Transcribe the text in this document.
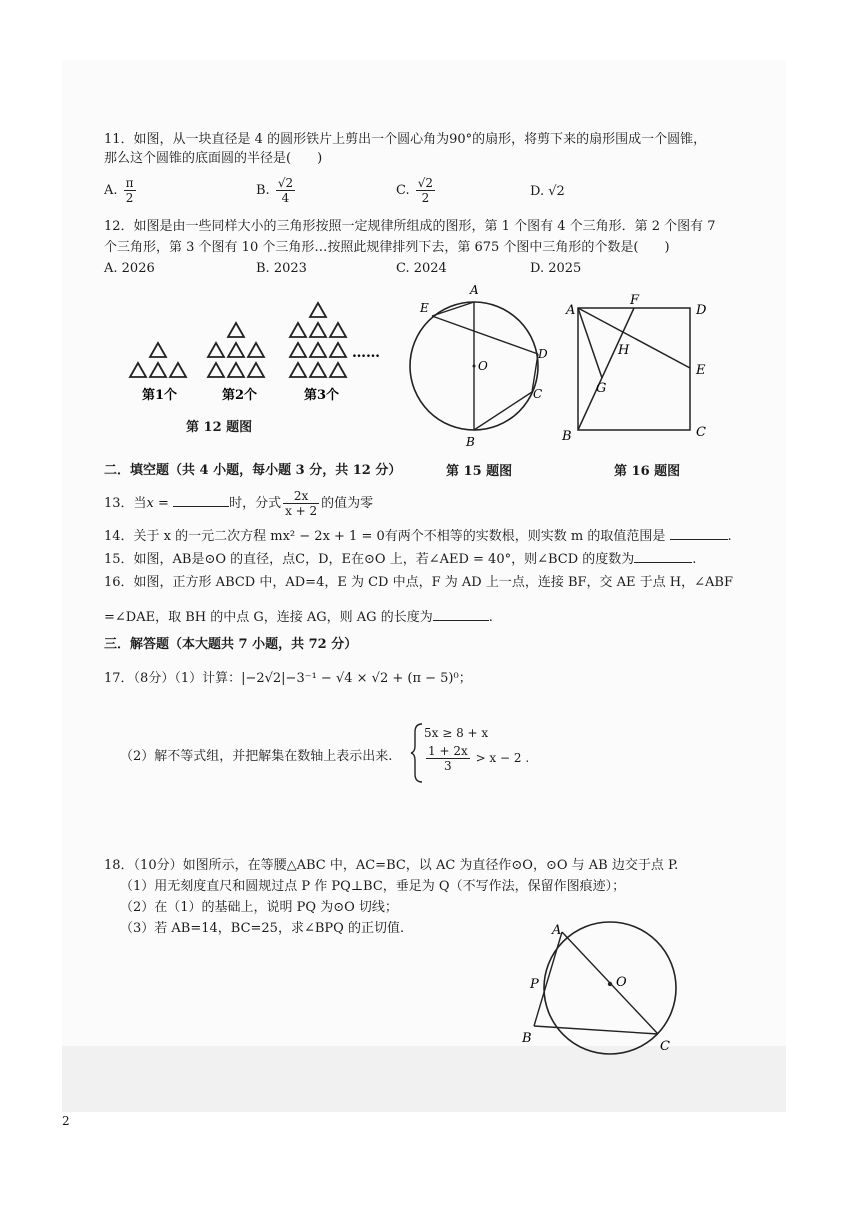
11．如图，从一块直径是 4 的圆形铁片上剪出一个圆心角为90°的扇形，将剪下来的扇形围成一个圆锥，
那么这个圆锥的底面圆的半径是(　　)
A. $\frac{\pi}{2}$	B. $\frac{√2}{4}$	C. $\frac{√2}{2}$	D. √2
12．如图是由一些同样大小的三角形按照一定规律所组成的图形，第 1 个图有 4 个三角形．第 2 个图有 7
个三角形，第 3 个图有 10 个三角形…按照此规律排列下去，第 675 个图中三角形的个数是(　　)
A. 2026	B. 2023	C. 2024	D. 2025
……
第1个	第2个	第3个
第 12 题图
A
E
D
C
O
B
第 15 题图
A
F
D
H
G
E
B	C
第 16 题图
二．填空题（共 4 小题，每小题 3 分，共 12 分）
13．当x =	时，分式 $\frac{2x}{x + 2}$ 的值为零
14．关于 x 的一元二次方程 mx² − 2x + 1 = 0有两个不相等的实数根，则实数 m 的取值范围是	.
15．如图，AB是⊙O 的直径，点C，D，E在⊙O 上，若∠AED = 40°，则∠BCD 的度数为	.
16．如图，正方形 ABCD 中，AD=4，E 为 CD 中点，F 为 AD 上一点，连接 BF，交 AE 于点 H，∠ABF
=∠DAE，取 BH 的中点 G，连接 AG，则 AG 的长度为	.
三．解答题（本大题共 7 小题，共 72 分）
17．（8分）（1）计算：|−2√2|−3⁻¹ − √4 × √2 + (π − 5)⁰；
（2）解不等式组，并把解集在数轴上表示出来.
5x ≥ 8 + x
$\frac{1 + 2x}{3} > x - 2$ .
18．（10分）如图所示，在等腰△ABC 中，AC=BC，以 AC 为直径作⊙O，⊙O 与 AB 边交于点 P.
（1）用无刻度直尺和圆规过点 P 作 PQ⊥BC，垂足为 Q（不写作法，保留作图痕迹）；
（2）在（1）的基础上，说明 PQ 为⊙O 切线；
（3）若 AB=14，BC=25，求∠BPQ 的正切值.	A
O
P
B
C
2
